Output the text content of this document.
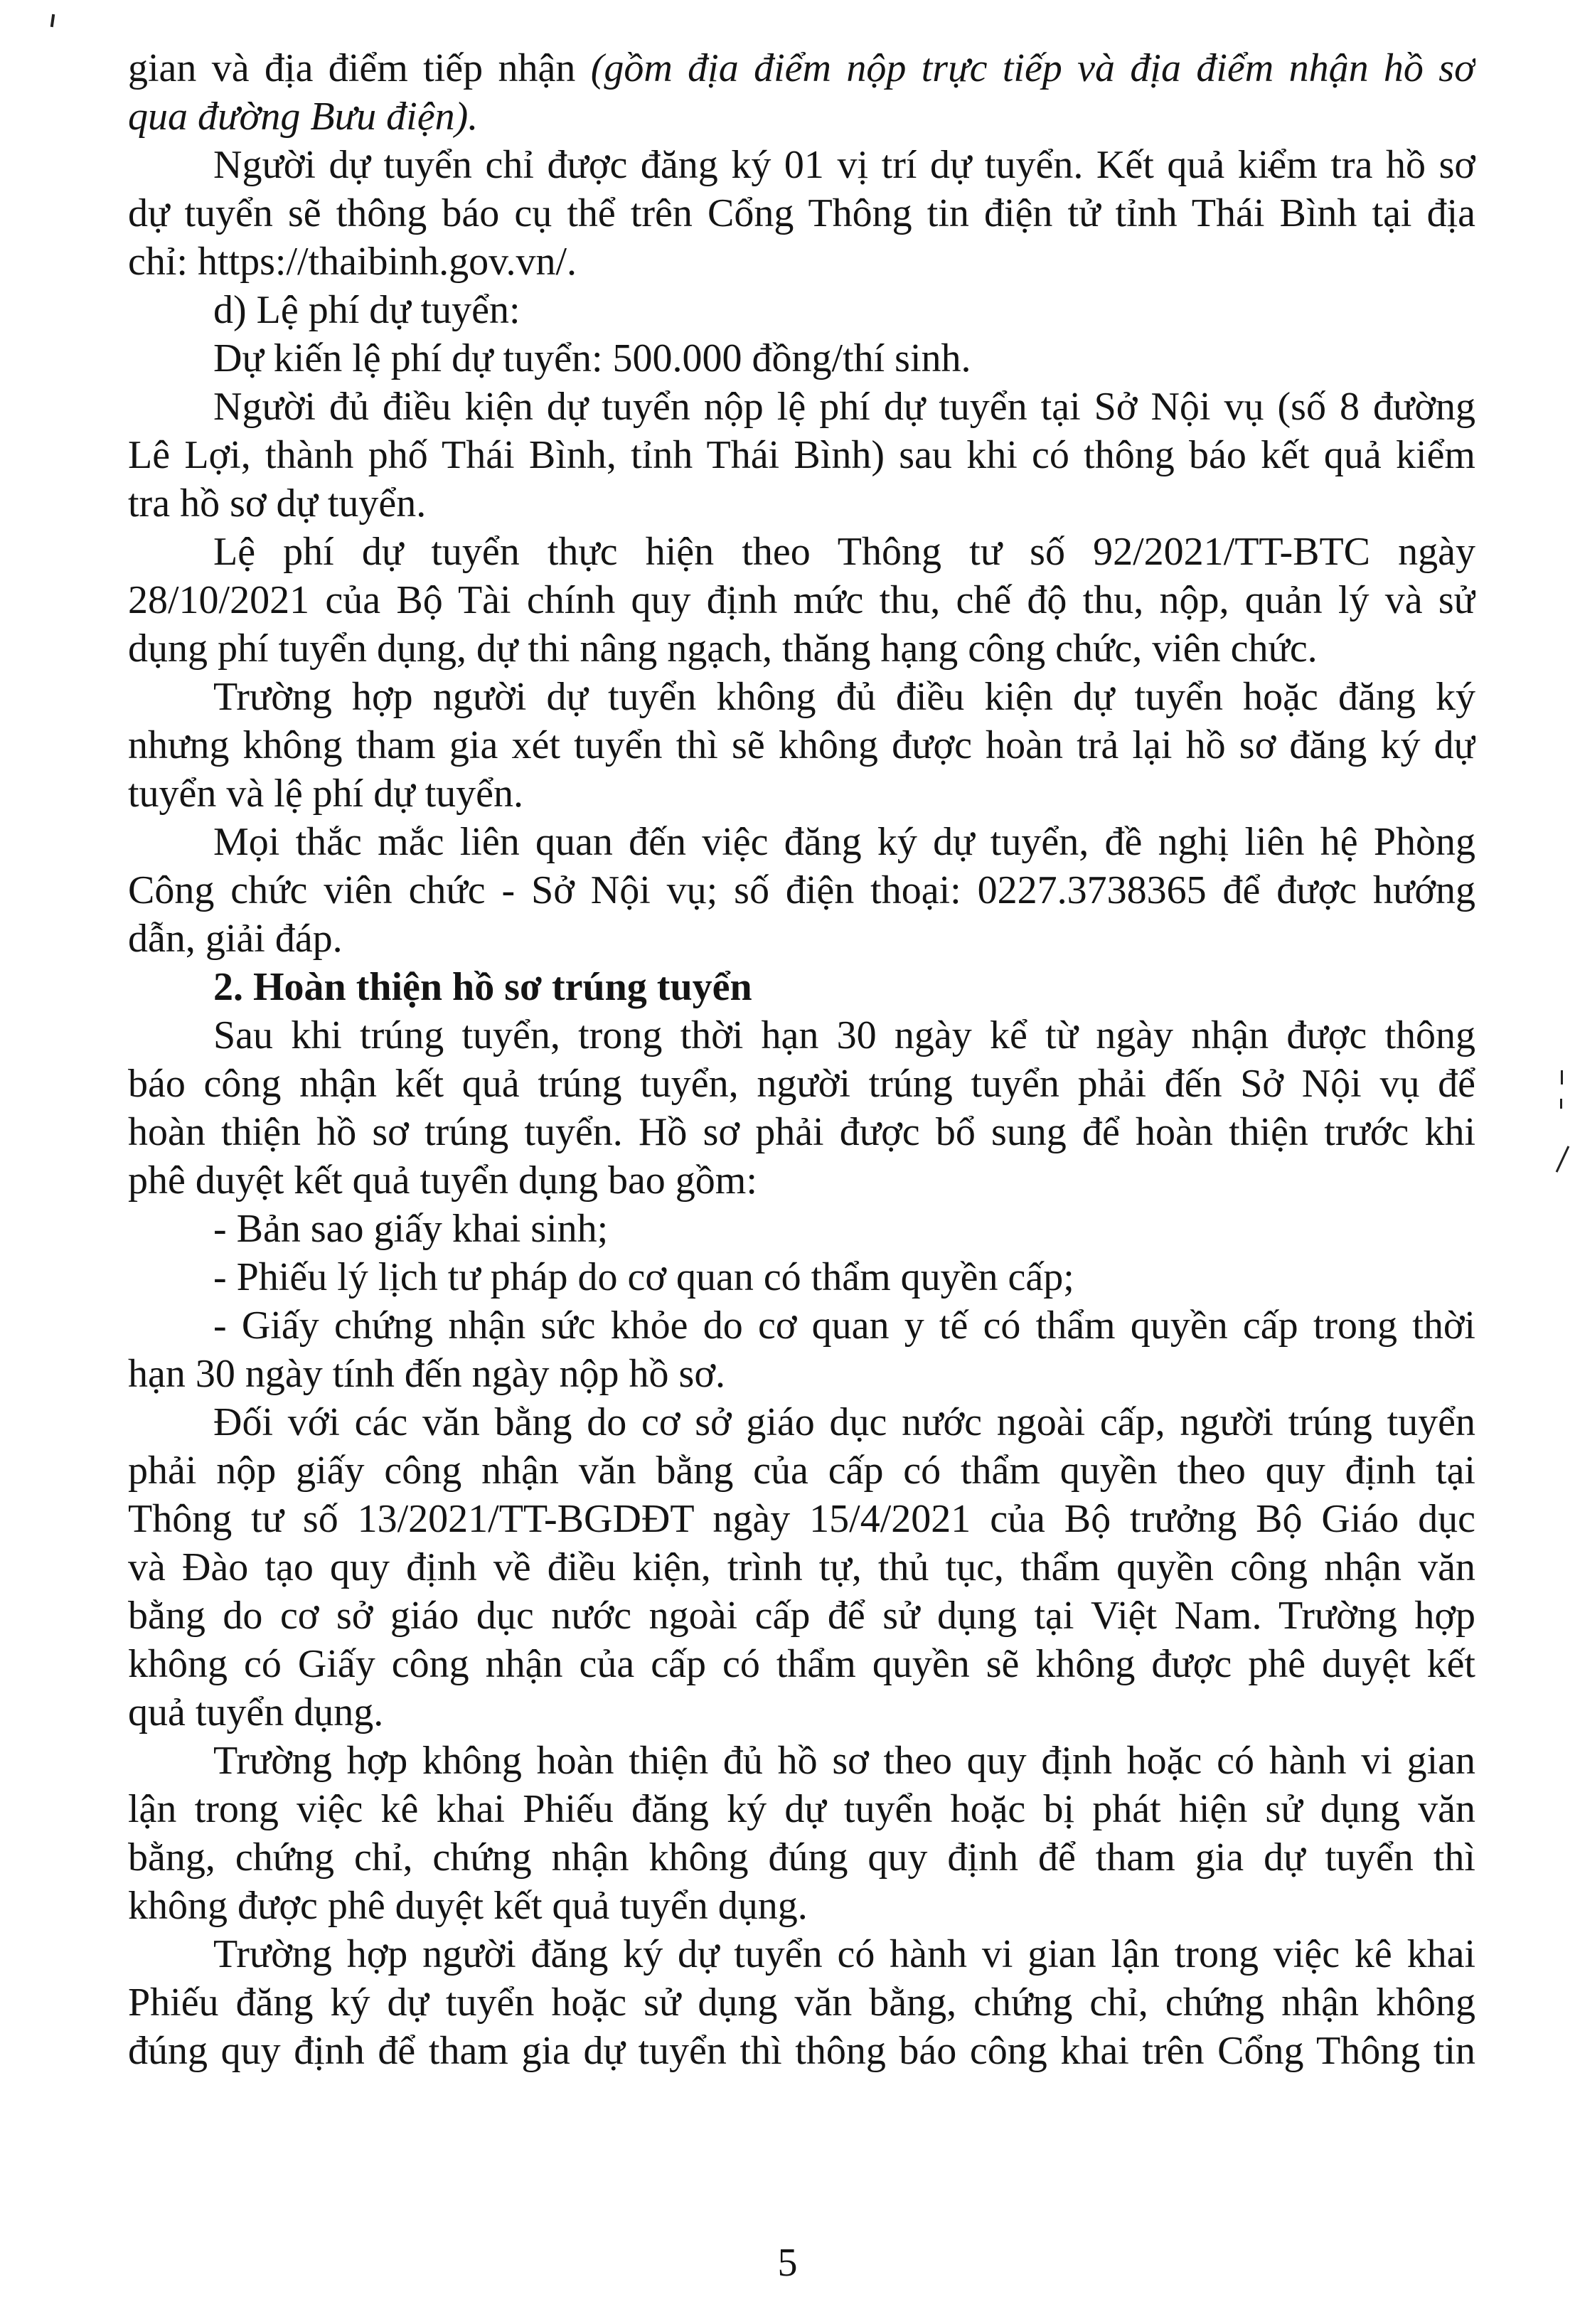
gian và địa điểm tiếp nhận (gồm địa điểm nộp trực tiếp và địa điểm nhận hồ sơ
qua đường Bưu điện).
Người dự tuyển chỉ được đăng ký 01 vị trí dự tuyển. Kết quả kiểm tra hồ sơ
dự tuyển sẽ thông báo cụ thể trên Cổng Thông tin điện tử tỉnh Thái Bình tại địa
chỉ: https://thaibinh.gov.vn/.
d) Lệ phí dự tuyển:
Dự kiến lệ phí dự tuyển: 500.000 đồng/thí sinh.
Người đủ điều kiện dự tuyển nộp lệ phí dự tuyển tại Sở Nội vụ (số 8 đường
Lê Lợi, thành phố Thái Bình, tỉnh Thái Bình) sau khi có thông báo kết quả kiểm
tra hồ sơ dự tuyển.
Lệ phí dự tuyển thực hiện theo Thông tư số 92/2021/TT-BTC ngày
28/10/2021 của Bộ Tài chính quy định mức thu, chế độ thu, nộp, quản lý và sử
dụng phí tuyển dụng, dự thi nâng ngạch, thăng hạng công chức, viên chức.
Trường hợp người dự tuyển không đủ điều kiện dự tuyển hoặc đăng ký
nhưng không tham gia xét tuyển thì sẽ không được hoàn trả lại hồ sơ đăng ký dự
tuyển và lệ phí dự tuyển.
Mọi thắc mắc liên quan đến việc đăng ký dự tuyển, đề nghị liên hệ Phòng
Công chức viên chức - Sở Nội vụ; số điện thoại: 0227.3738365 để được hướng
dẫn, giải đáp.
2. Hoàn thiện hồ sơ trúng tuyển
Sau khi trúng tuyển, trong thời hạn 30 ngày kể từ ngày nhận được thông
báo công nhận kết quả trúng tuyển, người trúng tuyển phải đến Sở Nội vụ để
hoàn thiện hồ sơ trúng tuyển. Hồ sơ phải được bổ sung để hoàn thiện trước khi
phê duyệt kết quả tuyển dụng bao gồm:
- Bản sao giấy khai sinh;
- Phiếu lý lịch tư pháp do cơ quan có thẩm quyền cấp;
- Giấy chứng nhận sức khỏe do cơ quan y tế có thẩm quyền cấp trong thời
hạn 30 ngày tính đến ngày nộp hồ sơ.
Đối với các văn bằng do cơ sở giáo dục nước ngoài cấp, người trúng tuyển
phải nộp giấy công nhận văn bằng của cấp có thẩm quyền theo quy định tại
Thông tư số 13/2021/TT-BGDĐT ngày 15/4/2021 của Bộ trưởng Bộ Giáo dục
và Đào tạo quy định về điều kiện, trình tự, thủ tục, thẩm quyền công nhận văn
bằng do cơ sở giáo dục nước ngoài cấp để sử dụng tại Việt Nam. Trường hợp
không có Giấy công nhận của cấp có thẩm quyền sẽ không được phê duyệt kết
quả tuyển dụng.
Trường hợp không hoàn thiện đủ hồ sơ theo quy định hoặc có hành vi gian
lận trong việc kê khai Phiếu đăng ký dự tuyển hoặc bị phát hiện sử dụng văn
bằng, chứng chỉ, chứng nhận không đúng quy định để tham gia dự tuyển thì
không được phê duyệt kết quả tuyển dụng.
Trường hợp người đăng ký dự tuyển có hành vi gian lận trong việc kê khai
Phiếu đăng ký dự tuyển hoặc sử dụng văn bằng, chứng chỉ, chứng nhận không
đúng quy định để tham gia dự tuyển thì thông báo công khai trên Cổng Thông tin
5
